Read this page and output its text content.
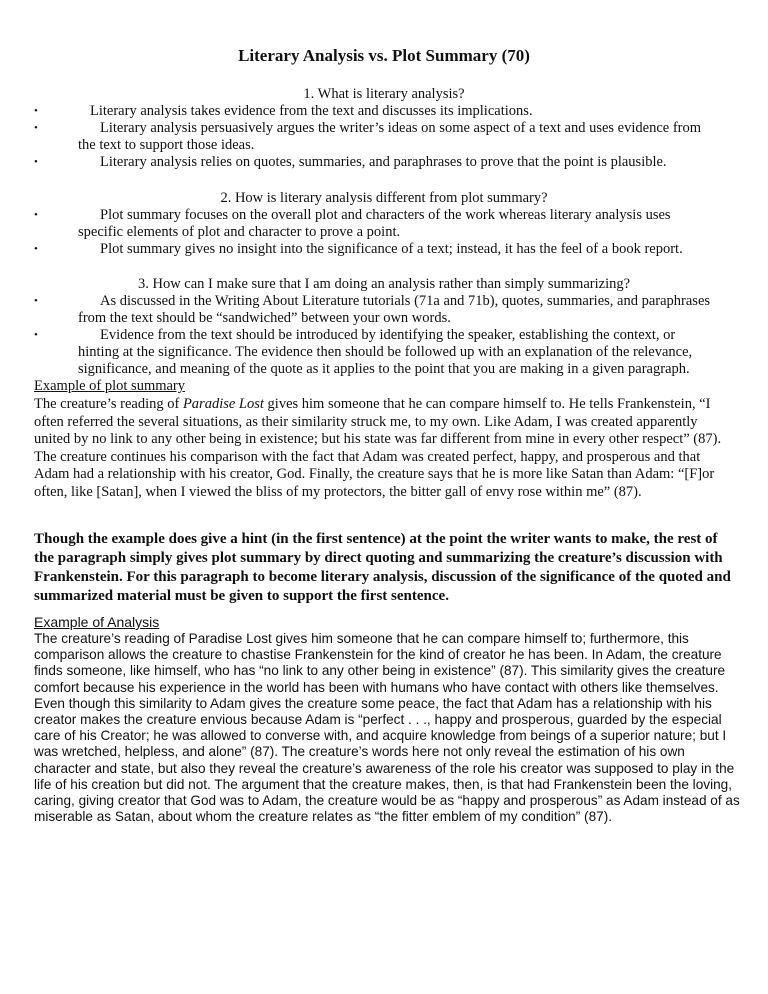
Literary Analysis vs. Plot Summary (70)
1. What is literary analysis?
•	Literary analysis takes evidence from the text and discusses its implications.
•	Literary analysis persuasively argues the writer’s ideas on some aspect of a text and uses evidence from the text to support those ideas.
•	Literary analysis relies on quotes, summaries, and paraphrases to prove that the point is plausible.
2. How is literary analysis different from plot summary?
•	Plot summary focuses on the overall plot and characters of the work whereas literary analysis uses specific elements of plot and character to prove a point.
•	Plot summary gives no insight into the significance of a text; instead, it has the feel of a book report.
3. How can I make sure that I am doing an analysis rather than simply summarizing?
•	As discussed in the Writing About Literature tutorials (71a and 71b), quotes, summaries, and paraphrases from the text should be “sandwiched” between your own words.
•	Evidence from the text should be introduced by identifying the speaker, establishing the context, or hinting at the significance. The evidence then should be followed up with an explanation of the relevance, significance, and meaning of the quote as it applies to the point that you are making in a given paragraph.
Example of plot summary
The creature’s reading of Paradise Lost gives him someone that he can compare himself to. He tells Frankenstein, “I often referred the several situations, as their similarity struck me, to my own. Like Adam, I was created apparently united by no link to any other being in existence; but his state was far different from mine in every other respect” (87). The creature continues his comparison with the fact that Adam was created perfect, happy, and prosperous and that Adam had a relationship with his creator, God. Finally, the creature says that he is more like Satan than Adam: “[F]or often, like [Satan], when I viewed the bliss of my protectors, the bitter gall of envy rose within me” (87).
Though the example does give a hint (in the first sentence) at the point the writer wants to make, the rest of the paragraph simply gives plot summary by direct quoting and summarizing the creature’s discussion with Frankenstein. For this paragraph to become literary analysis, discussion of the significance of the quoted and summarized material must be given to support the first sentence.
Example of Analysis
The creature’s reading of Paradise Lost gives him someone that he can compare himself to; furthermore, this comparison allows the creature to chastise Frankenstein for the kind of creator he has been. In Adam, the creature finds someone, like himself, who has “no link to any other being in existence” (87). This similarity gives the creature comfort because his experience in the world has been with humans who have contact with others like themselves. Even though this similarity to Adam gives the creature some peace, the fact that Adam has a relationship with his creator makes the creature envious because Adam is “perfect . . ., happy and prosperous, guarded by the especial care of his Creator; he was allowed to converse with, and acquire knowledge from beings of a superior nature; but I was wretched, helpless, and alone” (87). The creature’s words here not only reveal the estimation of his own character and state, but also they reveal the creature’s awareness of the role his creator was supposed to play in the life of his creation but did not. The argument that the creature makes, then, is that had Frankenstein been the loving, caring, giving creator that God was to Adam, the creature would be as “happy and prosperous” as Adam instead of as miserable as Satan, about whom the creature relates as “the fitter emblem of my condition” (87).
